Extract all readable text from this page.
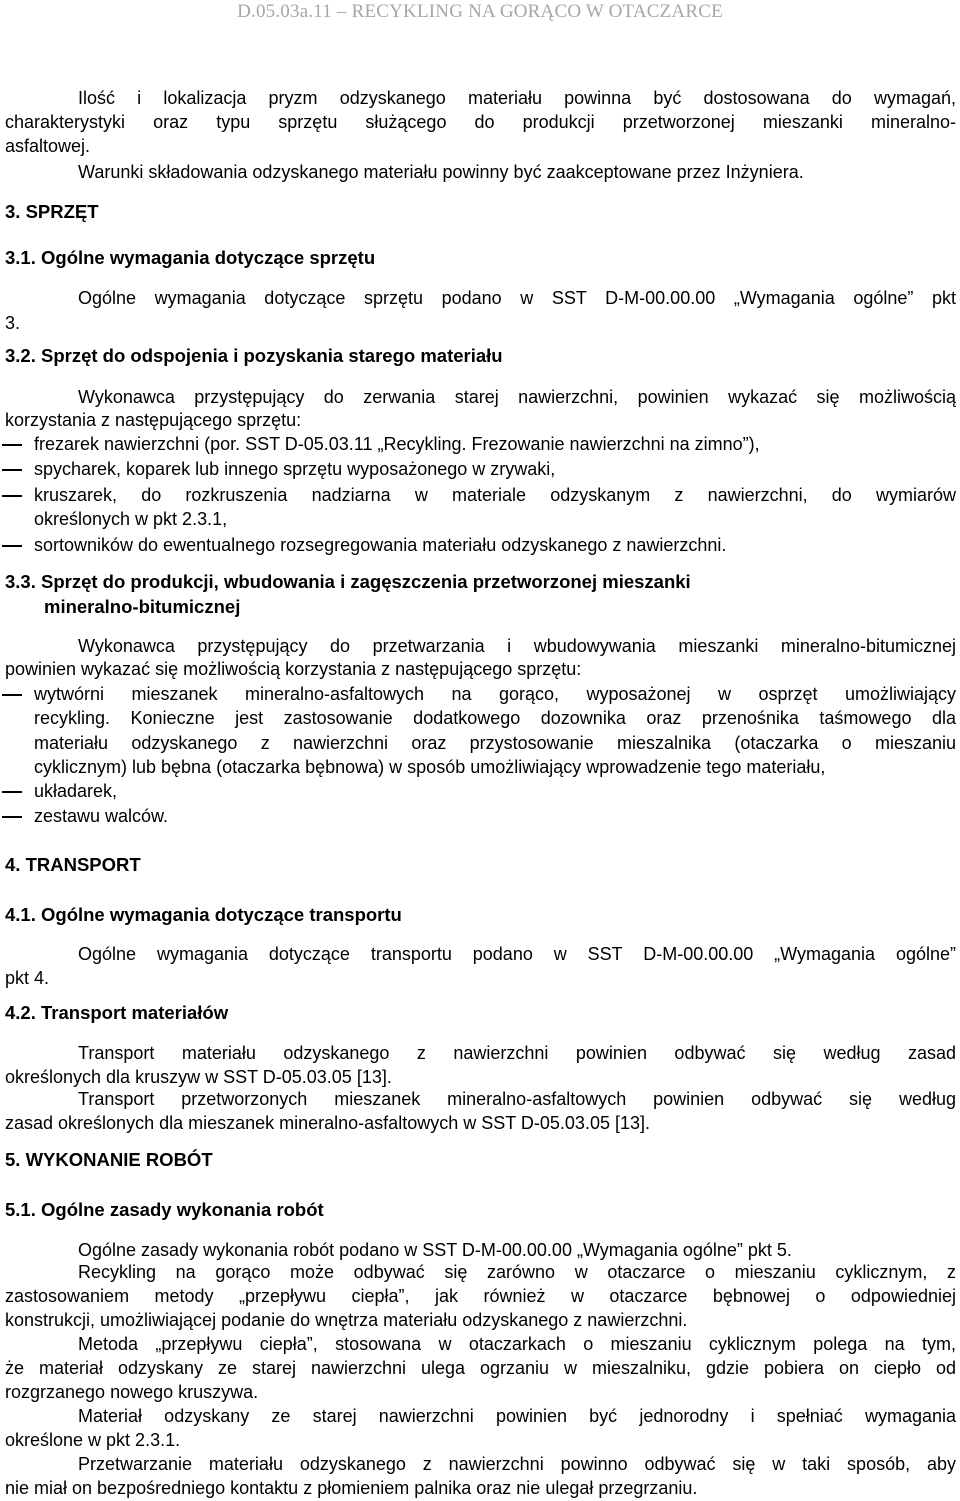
D.05.03a.11 – RECYKLING NA GORĄCO W OTACZARCE
Ilość i lokalizacja pryzm odzyskanego materiału powinna być dostosowana do wymagań,
charakterystyki oraz typu sprzętu służącego do produkcji przetworzonej mieszanki mineralno-
asfaltowej.
Warunki składowania odzyskanego materiału powinny być zaakceptowane przez Inżyniera.
3. SPRZĘT
3.1. Ogólne wymagania dotyczące sprzętu
Ogólne wymagania dotyczące sprzętu podano w SST D-M-00.00.00 „Wymagania ogólne” pkt
3.
3.2. Sprzęt do odspojenia i pozyskania starego materiału
Wykonawca przystępujący do zerwania starej nawierzchni, powinien wykazać się możliwością
korzystania z następującego sprzętu:
frezarek nawierzchni (por. SST D-05.03.11 „Recykling. Frezowanie nawierzchni na zimno”),
spycharek, koparek lub innego sprzętu wyposażonego w zrywaki,
kruszarek, do rozkruszenia nadziarna w materiale odzyskanym z nawierzchni, do wymiarów
określonych w pkt 2.3.1,
sortowników do ewentualnego rozsegregowania materiału odzyskanego z nawierzchni.
3.3. Sprzęt do produkcji, wbudowania i zagęszczenia przetworzonej mieszanki
mineralno-bitumicznej
Wykonawca przystępujący do przetwarzania i wbudowywania mieszanki mineralno-bitumicznej
powinien wykazać się możliwością korzystania z następującego sprzętu:
wytwórni mieszanek mineralno-asfaltowych na gorąco, wyposażonej w osprzęt umożliwiający
recykling. Konieczne jest zastosowanie dodatkowego dozownika oraz przenośnika taśmowego dla
materiału odzyskanego z nawierzchni oraz przystosowanie mieszalnika (otaczarka o mieszaniu
cyklicznym) lub bębna (otaczarka bębnowa) w sposób umożliwiający wprowadzenie tego materiału,
układarek,
zestawu walców.
4. TRANSPORT
4.1. Ogólne wymagania dotyczące transportu
Ogólne wymagania dotyczące transportu podano w SST D-M-00.00.00 „Wymagania ogólne”
pkt 4.
4.2. Transport materiałów
Transport materiału odzyskanego z nawierzchni powinien odbywać się według zasad
określonych dla kruszyw w SST D-05.03.05 [13].
Transport przetworzonych mieszanek mineralno-asfaltowych powinien odbywać się według
zasad określonych dla mieszanek mineralno-asfaltowych w SST D-05.03.05 [13].
5. WYKONANIE ROBÓT
5.1. Ogólne zasady wykonania robót
Ogólne zasady wykonania robót podano w SST D-M-00.00.00 „Wymagania ogólne” pkt 5.
Recykling na gorąco może odbywać się zarówno w otaczarce o mieszaniu cyklicznym, z
zastosowaniem metody „przepływu ciepła”, jak również w otaczarce bębnowej o odpowiedniej
konstrukcji, umożliwiającej podanie do wnętrza materiału odzyskanego z nawierzchni.
Metoda „przepływu ciepła”, stosowana w otaczarkach o mieszaniu cyklicznym polega na tym,
że materiał odzyskany ze starej nawierzchni ulega ogrzaniu w mieszalniku, gdzie pobiera on ciepło od
rozgrzanego nowego kruszywa.
Materiał odzyskany ze starej nawierzchni powinien być jednorodny i spełniać wymagania
określone w pkt 2.3.1.
Przetwarzanie materiału odzyskanego z nawierzchni powinno odbywać się w taki sposób, aby
nie miał on bezpośredniego kontaktu z płomieniem palnika oraz nie ulegał przegrzaniu.
